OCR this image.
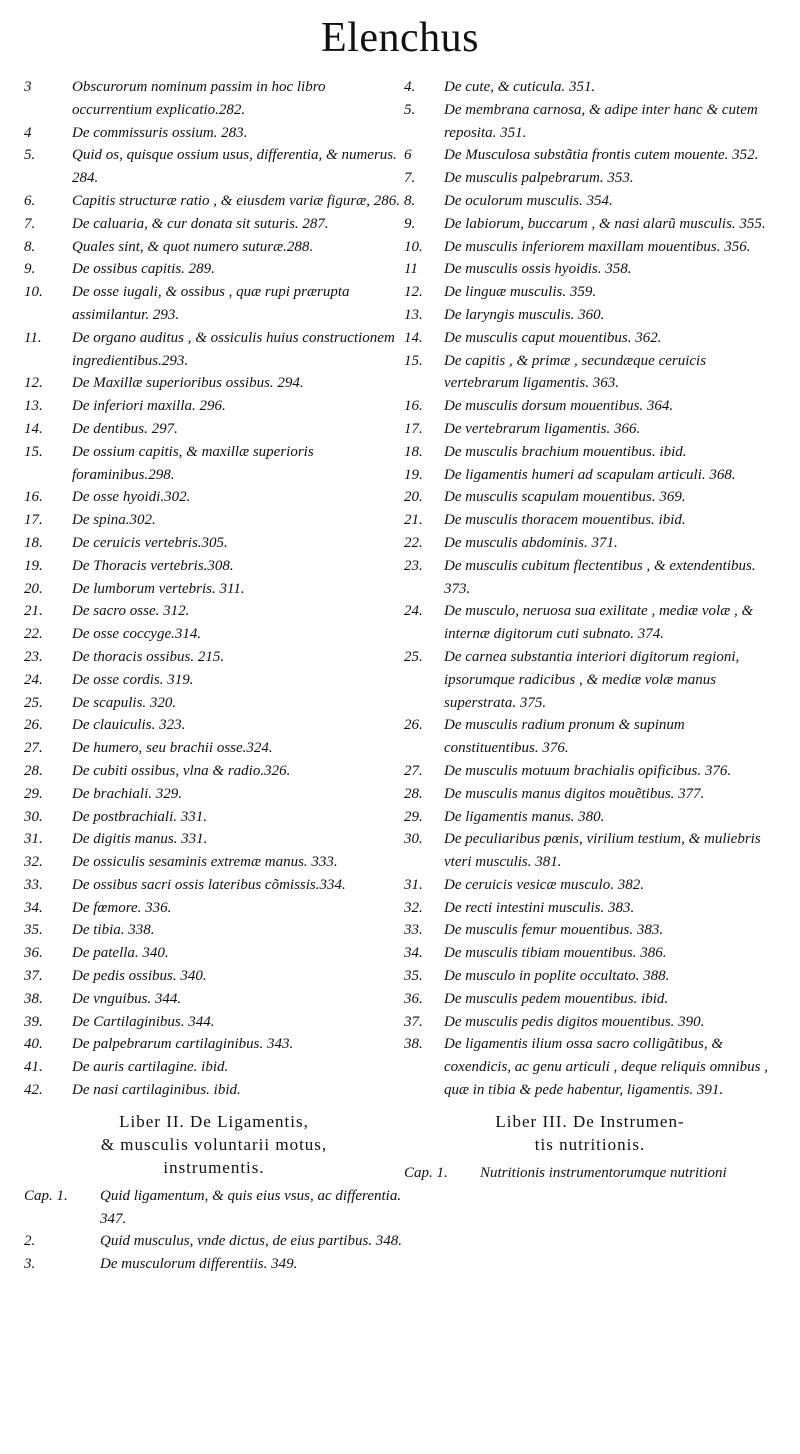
Elenchus
3	Obscurorum nominum passim in hoc libro occurrentium explicatio.282.
4	De commissuris ossium. 283.
5.	Quid os, quisque ossium usus, differentia, & numerus. 284.
6.	Capitis structuræ ratio , & eiusdem variæ figuræ, 286.
7.	De caluaria, & cur donata sit suturis. 287.
8.	Quales sint, & quot numero suturæ.288.
9.	De ossibus capitis. 289.
10.	De osse iugali, & ossibus , quæ rupi prærupta assimilantur. 293.
11.	De organo auditus , & ossiculis huius constructionem ingredientibus.293.
12.	De Maxillæ superioribus ossibus. 294.
13.	De inferiori maxilla. 296.
14.	De dentibus. 297.
15.	De ossium capitis, & maxillæ superioris foraminibus.298.
16.	De osse hyoidi.302.
17.	De spina.302.
18.	De ceruicis vertebris.305.
19.	De Thoracis vertebris.308.
20.	De lumborum vertebris. 311.
21.	De sacro osse. 312.
22.	De osse coccyge.314.
23.	De thoracis ossibus. 215.
24.	De osse cordis. 319.
25.	De scapulis. 320.
26.	De clauiculis. 323.
27.	De humero, seu brachii osse.324.
28.	De cubiti ossibus, vlna & radio.326.
29.	De brachiali. 329.
30.	De postbrachiali. 331.
31.	De digitis manus. 331.
32.	De ossiculis sesaminis extremæ manus. 333.
33.	De ossibus sacri ossis lateribus cõmissis.334.
34.	De fœmore. 336.
35.	De tibia. 338.
36.	De patella. 340.
37.	De pedis ossibus. 340.
38.	De vnguibus. 344.
39.	De Cartilaginibus. 344.
40.	De palpebrarum cartilaginibus. 343.
41.	De auris cartilagine. ibid.
42.	De nasi cartilaginibus. ibid.
Liber II. De Ligamentis,
& musculis voluntarii motus,
instrumentis.
Cap. 1.	Quid ligamentum, & quis eius vsus, ac differentia. 347.
2.	Quid musculus, vnde dictus, de eius partibus. 348.
3.	De musculorum differentiis. 349.
4.	De cute, & cuticula. 351.
5.	De membrana carnosa, & adipe inter hanc & cutem reposita. 351.
6	De Musculosa substãtia frontis cutem mouente. 352.
7.	De musculis palpebrarum. 353.
8.	De oculorum musculis. 354.
9.	De labiorum, buccarum , & nasi alarũ musculis. 355.
10.	De musculis inferiorem maxillam mouentibus. 356.
11	De musculis ossis hyoidis. 358.
12.	De linguæ musculis. 359.
13.	De laryngis musculis. 360.
14.	De musculis caput mouentibus. 362.
15.	De capitis , & primæ , secundæque ceruicis vertebrarum ligamentis. 363.
16.	De musculis dorsum mouentibus. 364.
17.	De vertebrarum ligamentis. 366.
18.	De musculis brachium mouentibus. ibid.
19.	De ligamentis humeri ad scapulam articuli. 368.
20.	De musculis scapulam mouentibus. 369.
21.	De musculis thoracem mouentibus. ibid.
22.	De musculis abdominis. 371.
23.	De musculis cubitum flectentibus , & extendentibus. 373.
24.	De musculo, neruosa sua exilitate , mediæ volæ , & internæ digitorum cuti subnato. 374.
25.	De carnea substantia interiori digitorum regioni, ipsorumque radicibus , & mediæ volæ manus superstrata. 375.
26.	De musculis radium pronum & supinum constituentibus. 376.
27.	De musculis motuum brachialis opificibus. 376.
28.	De musculis manus digitos mouẽtibus. 377.
29.	De ligamentis manus. 380.
30.	De peculiaribus pœnis, virilium testium, & muliebris vteri musculis. 381.
31.	De ceruicis vesicæ musculo. 382.
32.	De recti intestini musculis. 383.
33.	De musculis femur mouentibus. 383.
34.	De musculis tibiam mouentibus. 386.
35.	De musculo in poplite occultato. 388.
36.	De musculis pedem mouentibus. ibid.
37.	De musculis pedis digitos mouentibus. 390.
38.	De ligamentis ilium ossa sacro colligãtibus, & coxendicis, ac genu articuli , deque reliquis omnibus , quæ in tibia & pede habentur, ligamentis. 391.
Liber III. De Instrumen-
tis nutritionis.
Cap. 1.	Nutritionis instrumentorumque nutritioni
